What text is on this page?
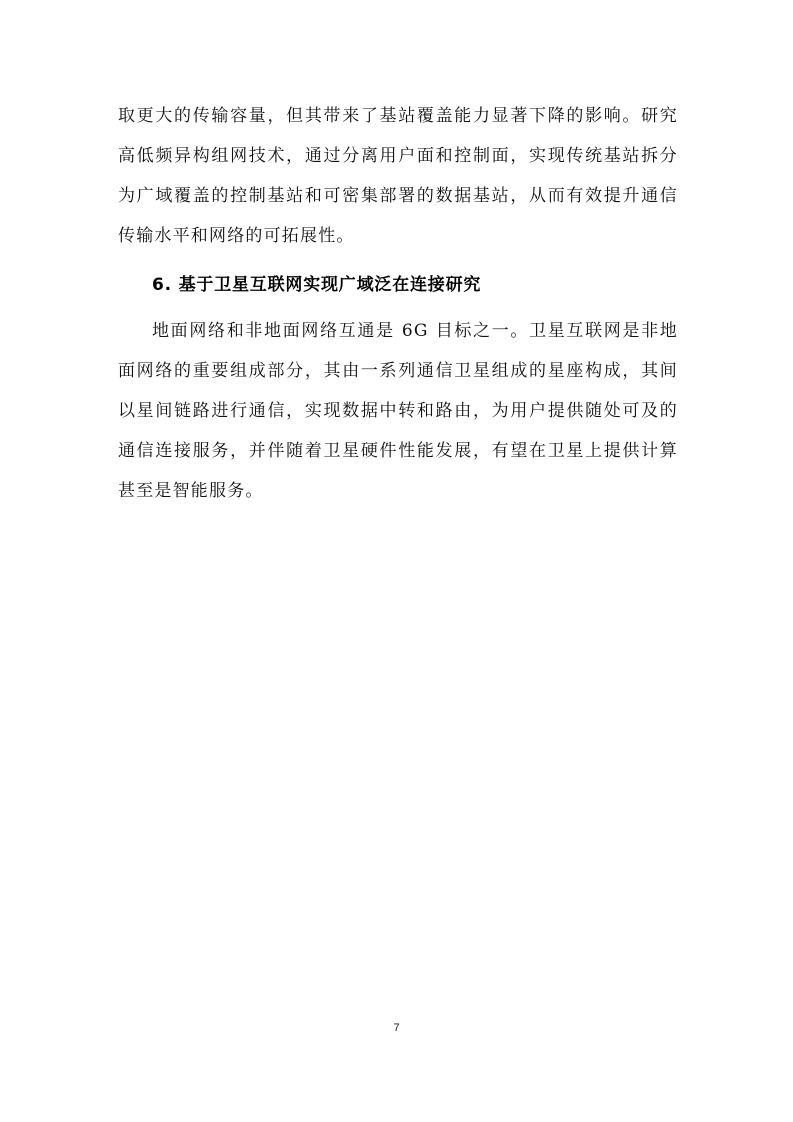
取更大的传输容量，但其带来了基站覆盖能力显著下降的影响。研究高低频异构组网技术，通过分离用户面和控制面，实现传统基站拆分为广域覆盖的控制基站和可密集部署的数据基站，从而有效提升通信传输水平和网络的可拓展性。

6. 基于卫星互联网实现广域泛在连接研究

地面网络和非地面网络互通是 6G 目标之一。卫星互联网是非地面网络的重要组成部分，其由一系列通信卫星组成的星座构成，其间以星间链路进行通信，实现数据中转和路由，为用户提供随处可及的通信连接服务，并伴随着卫星硬件性能发展，有望在卫星上提供计算甚至是智能服务。

7
